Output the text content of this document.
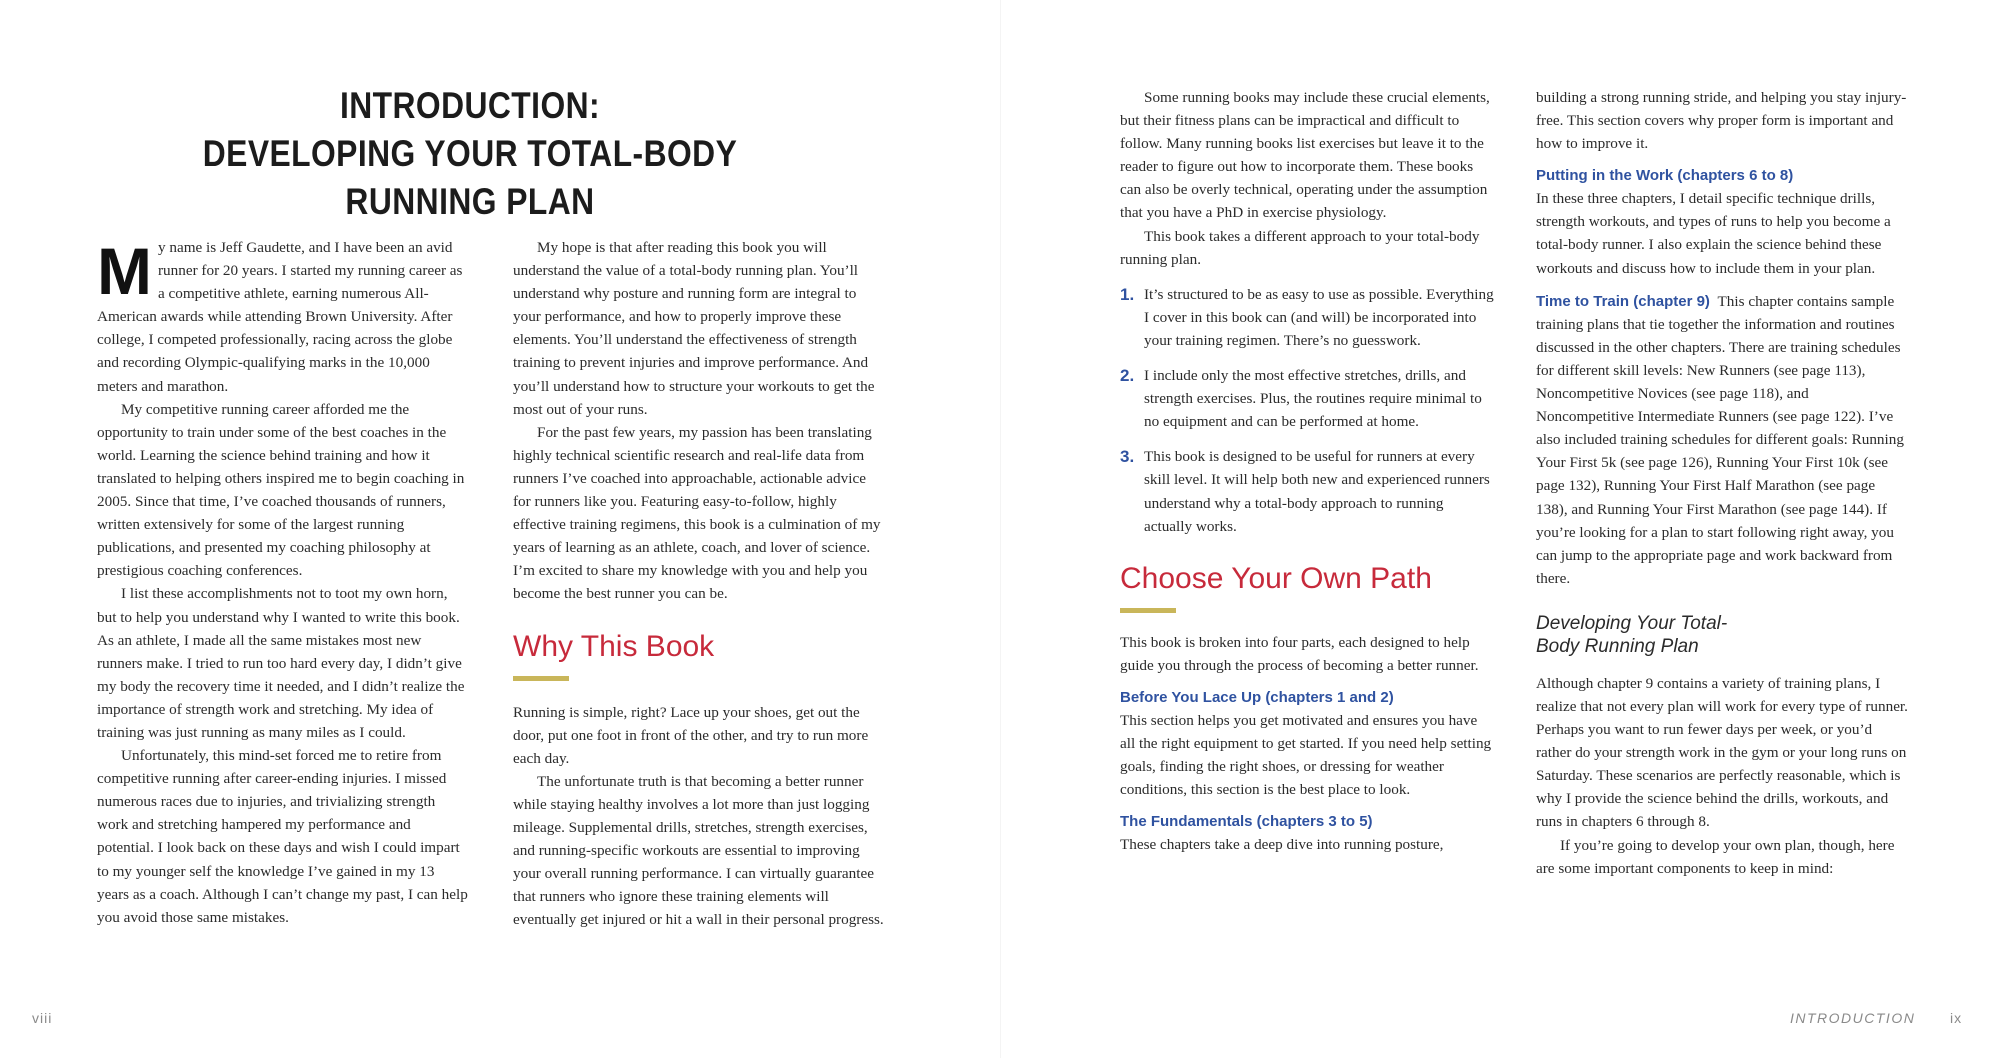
INTRODUCTION:
DEVELOPING YOUR TOTAL-BODY RUNNING PLAN
M y name is Jeff Gaudette, and I have been an avid runner for 20 years. I started my running career as a competitive athlete, earning numerous All-American awards while attending Brown University. After college, I competed professionally, racing across the globe and recording Olympic-qualifying marks in the 10,000 meters and marathon.

My competitive running career afforded me the opportunity to train under some of the best coaches in the world. Learning the science behind training and how it translated to helping others inspired me to begin coaching in 2005. Since that time, I’ve coached thousands of runners, written extensively for some of the largest running publications, and presented my coaching philosophy at prestigious coaching conferences.

I list these accomplishments not to toot my own horn, but to help you understand why I wanted to write this book. As an athlete, I made all the same mistakes most new runners make. I tried to run too hard every day, I didn’t give my body the recovery time it needed, and I didn’t realize the importance of strength work and stretching. My idea of training was just running as many miles as I could.

Unfortunately, this mind-set forced me to retire from competitive running after career-ending injuries. I missed numerous races due to injuries, and trivializing strength work and stretching hampered my performance and potential. I look back on these days and wish I could impart to my younger self the knowledge I’ve gained in my 13 years as a coach. Although I can’t change my past, I can help you avoid those same mistakes.

My hope is that after reading this book you will understand the value of a total-body running plan. You’ll understand why posture and running form are integral to your performance, and how to properly improve these elements. You’ll understand the effectiveness of strength training to prevent injuries and improve performance. And you’ll understand how to structure your workouts to get the most out of your runs.

For the past few years, my passion has been translating highly technical scientific research and real-life data from runners I’ve coached into approachable, actionable advice for runners like you. Featuring easy-to-follow, highly effective training regimens, this book is a culmination of my years of learning as an athlete, coach, and lover of science. I’m excited to share my knowledge with you and help you become the best runner you can be.

Why This Book

Running is simple, right? Lace up your shoes, get out the door, put one foot in front of the other, and try to run more each day.

The unfortunate truth is that becoming a better runner while staying healthy involves a lot more than just logging mileage. Supplemental drills, stretches, strength exercises, and running-specific workouts are essential to improving your overall running performance. I can virtually guarantee that runners who ignore these training elements will eventually get injured or hit a wall in their personal progress.

Some running books may include these crucial elements, but their fitness plans can be impractical and difficult to follow. Many running books list exercises but leave it to the reader to figure out how to incorporate them. These books can also be overly technical, operating under the assumption that you have a PhD in exercise physiology.

This book takes a different approach to your total-body running plan.

1. It’s structured to be as easy to use as possible. Everything I cover in this book can (and will) be incorporated into your training regimen. There’s no guesswork.
2. I include only the most effective stretches, drills, and strength exercises. Plus, the routines require minimal to no equipment and can be performed at home.
3. This book is designed to be useful for runners at every skill level. It will help both new and experienced runners understand why a total-body approach to running actually works.
Choose Your Own Path

This book is broken into four parts, each designed to help guide you through the process of becoming a better runner.

Before You Lace Up (chapters 1 and 2)

This section helps you get motivated and ensures you have all the right equipment to get started. If you need help setting goals, finding the right shoes, or dressing for weather conditions, this section is the best place to look.

The Fundamentals (chapters 3 to 5)

These chapters take a deep dive into running posture,

building a strong running stride, and helping you stay injury-free. This section covers why proper form is important and how to improve it.

Putting in the Work (chapters 6 to 8)

In these three chapters, I detail specific technique drills, strength workouts, and types of runs to help you become a total-body runner. I also explain the science behind these workouts and discuss how to include them in your plan.

Time to Train (chapter 9) This chapter contains sample training plans that tie together the information and routines discussed in the other chapters. There are training schedules for different skill levels: New Runners (see page 113), Noncompetitive Novices (see page 118), and Noncompetitive Intermediate Runners (see page 122). I’ve also included training schedules for different goals: Running Your First 5k (see page 126), Running Your First 10k (see page 132), Running Your First Half Marathon (see page 138), and Running Your First Marathon (see page 144). If you’re looking for a plan to start following right away, you can jump to the appropriate page and work backward from there.

Developing Your Total-
Body Running Plan

Although chapter 9 contains a variety of training plans, I realize that not every plan will work for every type of runner. Perhaps you want to run fewer days per week, or you’d rather do your strength work in the gym or your long runs on Saturday. These scenarios are perfectly reasonable, which is why I provide the science behind the drills, workouts, and runs in chapters 6 through 8.

If you’re going to develop your own plan, though, here are some important components to keep in mind:

viii	INTRODUCTION ix
